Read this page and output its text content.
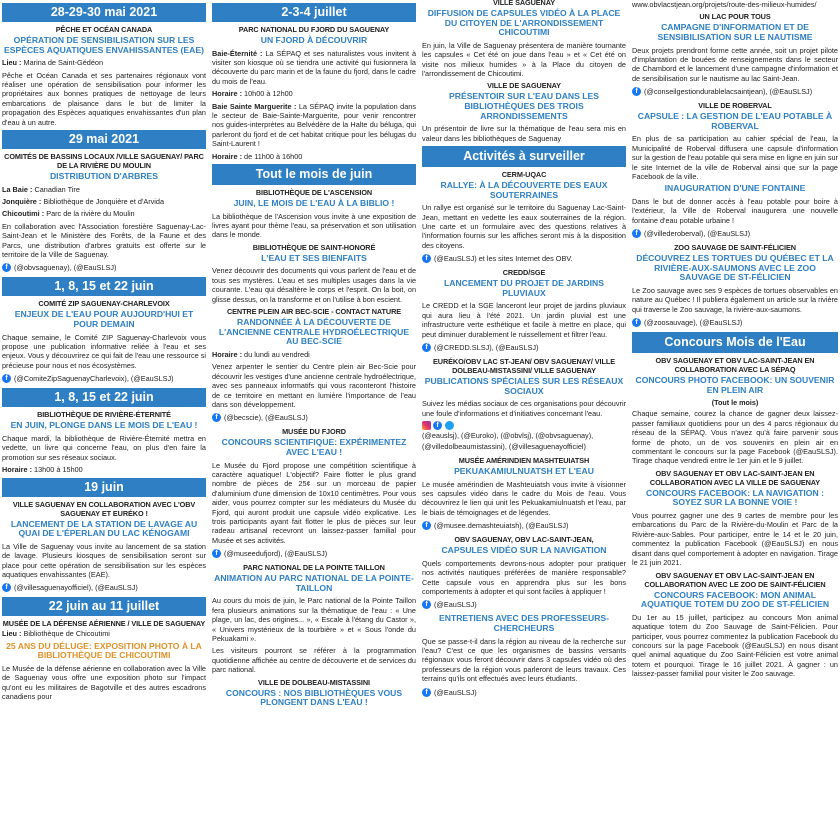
28-29-30 mai 2021
PÊCHE ET OCÉAN CANADA
OPÉRATION DE SENSIBILISATION SUR LES ESPÈCES AQUATIQUES ENVAHISSANTES (EAE)
Lieu : Marina de Saint-Gédéon
Pêche et Océan Canada et ses partenaires régionaux vont réaliser une opération de sensibilisation pour informer les propriétaires aux bonnes pratiques de nettoyage de leurs embarcations de plaisance dans le but de limiter la propagation des Espèces aquatiques envahissantes d'un plan d'eau à un autre.
29 mai 2021
COMITÉS DE BASSINS LOCAUX /VILLE SAGUENAY/ PARC DE LA RIVIÈRE DU MOULIN
DISTRIBUTION D'ARBRES
La Baie : Canadian Tire
Jonquière : Bibliothèque de Jonquière et d'Arvida
Chicoutimi : Parc de la rivière du Moulin
En collaboration avec l'Association forestière Saguenay-Lac-Saint-Jean et le Ministère des Forêts, de la Faune et des Parcs, une distribution d'arbres gratuits est offerte sur le territoire de la Ville de Saguenay.
f (@obvsaguenay), (@EauSLSJ)
1, 8, 15 et 22 juin
COMITÉ ZIP SAGUENAY-CHARLEVOIX
ENJEUX DE L'EAU POUR AUJOURD'HUI ET POUR DEMAIN
Chaque semaine, le Comité ZIP Saguenay-Charlevoix vous propose une publication informative reliée à l'eau et ses enjeux. Vous y découvrirez ce qui fait de l'eau une ressource si précieuse pour nous et nos écosystèmes.
f (@ComiteZipSaguenayCharlevoix), (@EauSLSJ)
1, 8, 15 et 22 juin
BIBLIOTHÈQUE DE RIVIÈRE-ÉTERNITÉ
EN JUIN, PLONGE DANS LE MOIS DE L'EAU !
Chaque mardi, la bibliothèque de Rivière-Éternité mettra en vedette, un livre qui concerne l'eau, on plus d'en faire la promotion sur ses réseaux sociaux.
Horaire : 13h00 à 15h00
19 juin
VILLE SAGUENAY EN COLLABORATION AVEC L'OBV SAGUENAY ET EURÉKO !
LANCEMENT DE LA STATION DE LAVAGE AU QUAI DE L'ÉPERLAN DU LAC KÉNOGAMI
La Ville de Saguenay vous invite au lancement de sa station de lavage. Plusieurs kiosques de sensibilisation seront sur place pour cette opération de sensibilisation sur les espèces aquatiques envahissantes (EAE).
f (@villesaguenayofficiel), (@EauSLSJ)
22 juin au 11 juillet
MUSÉE DE LA DÉFENSE AÉRIENNE / VILLE DE SAGUENAY
Lieu : Bibliothèque de Chicoutimi
25 ANS DU DÉLUGE: EXPOSITION PHOTO À LA BIBLIOTHÈQUE DE CHICOUTIMI
Le Musée de la défense aérienne en collaboration avec la Ville de Saguenay vous offre une exposition photo sur l'impact qu'ont eu les militaires de Bagotville et des autres escadrons canadiens pour
2-3-4 juillet
PARC NATIONAL DU FJORD DU SAGUENAY
UN FJORD À DÉCOUVRIR
Baie-Éternité : La SÉPAQ et ses naturalistes vous invitent à visiter son kiosque où se tiendra une activité qui fusionnera la découverte du parc marin et de la faune du fjord, dans le cadre du mois de l'eau.
Horaire : 10h00 à 12h00
Baie Sainte Marguerite : La SÉPAQ invite la population dans le secteur de Baie-Sainte-Marguerite, pour venir rencontrer nos guides-interprètes au Belvédère de la Halte du béluga, qui parleront du fjord et de cet habitat critique pour les bélugas du Saint-Laurent !
Horaire : de 11h00 à 16h00
Tout le mois de juin
BIBLIOTHÈQUE DE L'ASCENSION
JUIN, LE MOIS DE L'EAU À LA BIBLIO !
La bibliothèque de l'Ascension vous invite à une exposition de livres ayant pour thème l'eau, sa préservation et son utilisation dans le monde.
BIBLIOTHÈQUE DE SAINT-HONORÉ
L'EAU ET SES BIENFAITS
Venez découvrir des documents qui vous parlent de l'eau et de tous ses mystères. L'eau et ses multiples usages dans la vie courante. L'eau qui désaltère le corps et l'esprit. On la boit, on glisse dessus, on la transforme et on l'utilise à bon escient.
CENTRE PLEIN AIR BEC-SCIE - CONTACT NATURE
RANDONNÉE À LA DÉCOUVERTE DE L'ANCIENNE CENTRALE HYDROÉLECTRIQUE AU BEC-SCIE
Horaire : du lundi au vendredi
Venez arpenter le sentier du Centre plein air Bec-Scie pour découvrir les vestiges d'une ancienne centrale hydroélectrique, avec ses panneaux informatifs qui vous raconteront l'histoire de ce territoire en mettant en lumière l'importance de l'eau dans son développement.
f (@becscie), (@EauSLSJ)
MUSÉE DU FJORD
CONCOURS SCIENTIFIQUE: EXPÉRIMENTEZ AVEC L'EAU !
Le Musée du Fjord propose une compétition scientifique à caractère aquatique! L'objectif? Faire flotter le plus grand nombre de pièces de 25¢ sur un morceau de papier d'aluminium d'une dimension de 10x10 centimètres. Pour vous aider, vous pourrez compter sur les médiateurs du Musée du Fjord, qui auront produit une capsule vidéo explicative. Les trois participants ayant fait flotter le plus de pièces sur leur radeau artisanal recevront un laissez-passer familial pour Musée et ses activités.
f (@museedufjord), (@EauSLSJ)
PARC NATIONAL DE LA POINTE TAILLON
ANIMATION AU PARC NATIONAL DE LA POINTE-TAILLON
Au cours du mois de juin, le Parc national de la Pointe Taillon fera plusieurs animations sur la thématique de l'eau : « Une plage, un lac, des origines... », « Escale à l'étang du Castor », « Univers mystérieux de la tourbière » et « Sous l'onde du Pekuakami ».
Les visiteurs pourront se référer à la programmation quotidienne affichée au centre de découverte et de services du parc national.
VILLE DE DOLBEAU-MISTASSINI
CONCOURS : NOS BIBLIOTHÈQUES VOUS PLONGENT DANS L'EAU !
VILLE SAGUENAY
DIFFUSION DE CAPSULES VIDÉO À LA PLACE DU CITOYEN DE L'ARRONDISSEMENT CHICOUTIMI
En juin, la Ville de Saguenay présentera de manière tournante les capsules « Cet été on joue dans l'eau » et « Cet été on visite nos milieux humides » à la Place du citoyen de l'arrondissement de Chicoutimi.
VILLE DE SAGUENAY
PRÉSENTOIR SUR L'EAU DANS LES BIBLIOTHÈQUES DES TROIS ARRONDISSEMENTS
Un présentoir de livre sur la thématique de l'eau sera mis en valeur dans les bibliothèques de Saguenay
Activités à surveiller
CERM-UQAC
RALLYE: À LA DÉCOUVERTE DES EAUX SOUTERRAINES
Un rallye est organisé sur le territoire du Saguenay Lac-Saint-Jean, mettant en vedette les eaux souterraines de la région. Une carte et un formulaire avec des questions relatives à l'information fournis sur les affiches seront mis à la disposition des citoyens.
f (@EauSLSJ) et les sites Internet des OBV.
CREDD/SGE
LANCEMENT DU PROJET DE JARDINS PLUVIAUX
Le CREDD et la SGE lanceront leur projet de jardins pluviaux qui aura lieu à l'été 2021. Un jardin pluvial est une infrastructure verte esthétique et facile à mettre en place, qui peut diminuer durablement le ruissellement et filtrer l'eau.
f (@CREDD.SLSJ), (@EauSLSJ)
EURÉKO/OBV LAC ST-JEAN/ OBV SAGUENAY/ VILLE DOLBEAU-MISTASSINI/ VILLE SAGUENAY
PUBLICATIONS SPÉCIALES SUR LES RÉSEAUX SOCIAUX
Suivez les médias sociaux de ces organisations pour découvrir une foule d'informations et d'initiatives concernant l'eau.
f
(@eauslsj), (@Euroko), (@obvlsj), (@obvsaguenay), (@villedolbeaumistassini), (@villesaguenayofficiel)
MUSÉE AMÉRINDIEN MASHTEUIATSH
PEKUAKAMIULNUATSH ET L'EAU
Le musée amérindien de Mashteuiatsh vous invite à visionner ses capsules vidéo dans le cadre du Mois de l'eau. Vous découvrirez le lien qui unit les Pekuakamiulnuatsh et l'eau, par le biais de témoignages et de légendes.
f (@musee.demashteuiatsh), (@EauSLSJ)
OBV SAGUENAY, OBV LAC-SAINT-JEAN,
CAPSULES VIDÉO SUR LA NAVIGATION
Quels comportements devrons-nous adopter pour pratiquer nos activités nautiques préférées de manière responsable? Cette capsule vous en apprendra plus sur les bons comportements à adopter et qui sont faciles à appliquer !
f (@EauSLSJ)
ENTRETIENS AVEC DES PROFESSEURS-CHERCHEURS
Que se passe-t-il dans la région au niveau de la recherche sur l'eau? C'est ce que les organismes de bassins versants régionaux vous feront découvrir dans 3 capsules vidéo où des professeurs de la région vous parleront de leurs travaux. Ces terrains qu'ils ont effectués avec leurs étudiants.
f (@EauSLSJ)
www.obvlacstjean.org/projets/route-des-milieux-humides/
UN LAC POUR TOUS
CAMPAGNE D'INFORMATION ET DE SENSIBILISATION SUR LE NAUTISME
Deux projets prendront forme cette année, soit un projet pilote d'implantation de bouées de renseignements dans le secteur de Chambord et le lancement d'une campagne d'information et de sensibilisation sur le nautisme au lac Saint-Jean.
f (@conseilgestiondurablelacsaintjean), (@EauSLSJ)
VILLE DE ROBERVAL
CAPSULE : LA GESTION DE L'EAU POTABLE À ROBERVAL
En plus de sa participation au cahier spécial de l'eau, la Municipalité de Roberval diffusera une capsule d'information sur la gestion de l'eau potable qui sera mise en ligne en juin sur le site Internet de la ville de Roberval ainsi que sur la page Facebook de la ville.
INAUGURATION D'UNE FONTAINE
Dans le but de donner accès à l'eau potable pour boire à l'extérieur, la Ville de Roberval inaugurera une nouvelle fontaine d'eau potable urbaine !
f (@villederoberval), (@EauSLSJ)
ZOO SAUVAGE DE SAINT-FÉLICIEN
DÉCOUVREZ LES TORTUES DU QUÉBEC ET LA RIVIÈRE-AUX-SAUMONS AVEC LE ZOO SAUVAGE DE ST-FÉLICIEN
Le Zoo sauvage avec ses 9 espèces de tortues observables en nature au Québec ! Il publiera également un article sur la rivière qui traverse le Zoo sauvage, la rivière-aux-saumons.
f (@zoosauvage), (@EauSLSJ)
Concours Mois de l'Eau
OBV SAGUENAY ET OBV LAC-SAINT-JEAN EN COLLABORATION AVEC LA SÉPAQ
CONCOURS PHOTO FACEBOOK: UN SOUVENIR EN PLEIN AIR
(Tout le mois)
Chaque semaine, courez la chance de gagner deux laissez-passer familiaux quotidiens pour un des 4 parcs régionaux du réseau de la SÉPAQ. Vous n'avez qu'à faire parvenir sous forme de photo, un de vos souvenirs en plein air en commentant le concours sur la page Facebook (@EauSLSJ). Tirage chaque vendredi entre le 1er juin et le 9 juillet.
OBV SAGUENAY ET OBV LAC-SAINT-JEAN EN COLLABORATION AVEC LA VILLE DE SAGUENAY
CONCOURS FACEBOOK: LA NAVIGATION : SOYEZ SUR LA BONNE VOIE !
Vous pourrez gagner une des 9 cartes de membre pour les embarcations du Parc de la Rivière-du-Moulin et Parc de la Rivière-aux-Sables. Pour participer, entre le 14 et le 20 juin, commentez la publication Facebook (@EauSLSJ) en nous disant dans quel comportement à adopter en navigation. Tirage le 21 juin 2021.
OBV SAGUENAY ET OBV LAC-SAINT-JEAN EN COLLABORATION AVEC LE ZOO DE SAINT-FÉLICIEN
CONCOURS FACEBOOK: MON ANIMAL AQUATIQUE TOTEM DU ZOO DE ST-FÉLICIEN
Du 1er au 15 juillet, participez au concours Mon animal aquatique totem du Zoo Sauvage de Saint-Félicien. Pour participer, vous pourrez commentez la publication Facebook du concours sur la page Facebook (@EauSLSJ) en nous disant quel animal aquatique du Zoo Saint-Félicien est votre animal totem et pourquoi. Tirage le 16 juillet 2021. À gagner : un laissez-passer familial pour visiter le Zoo sauvage.
